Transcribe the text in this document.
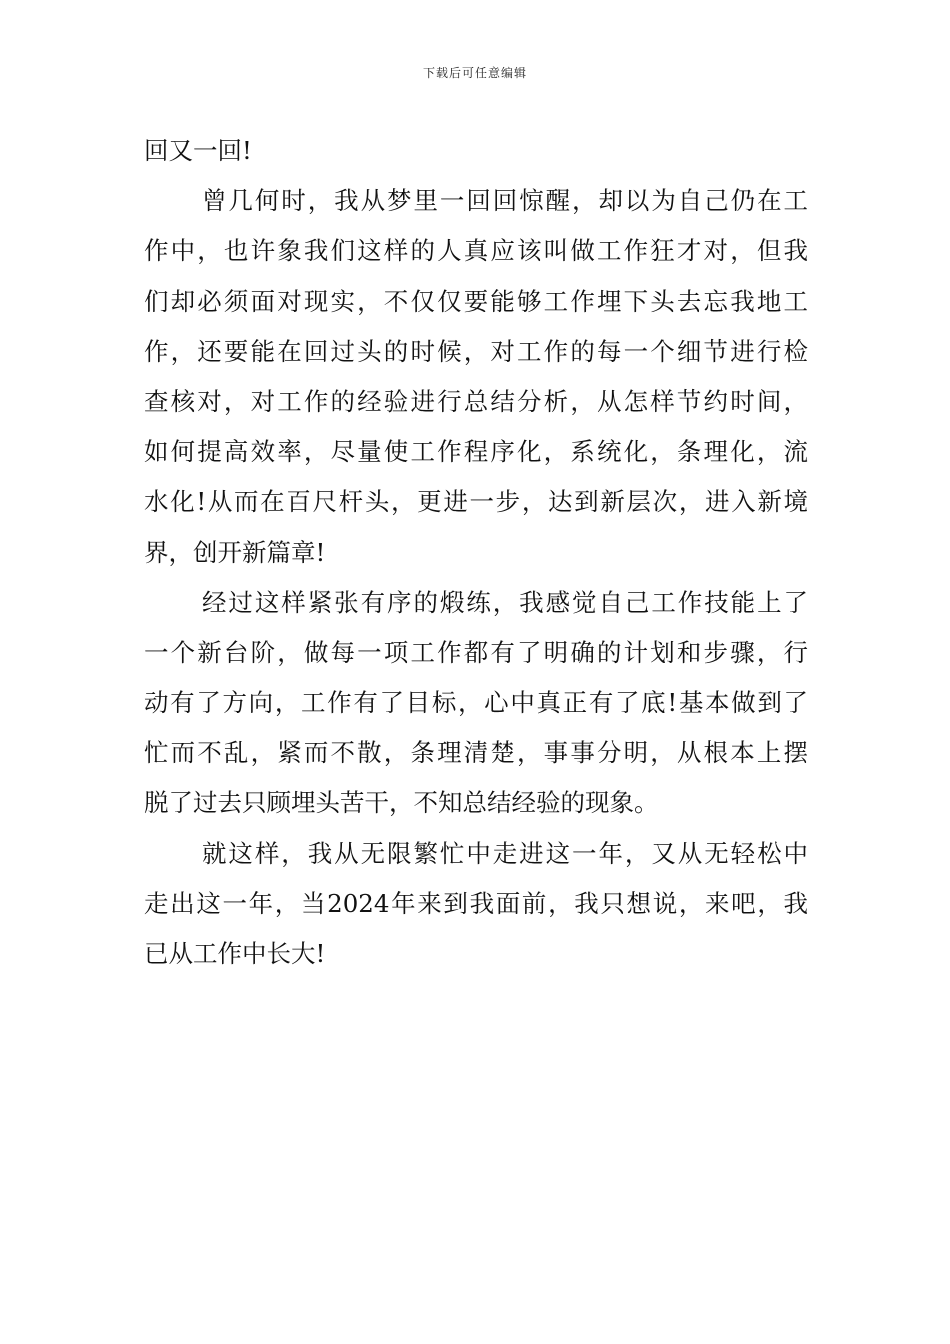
下载后可任意编辑
回又一回!
曾几何时，我从梦里一回回惊醒，却以为自己仍在工
作中，也许象我们这样的人真应该叫做工作狂才对，但我
们却必须面对现实，不仅仅要能够工作埋下头去忘我地工
作，还要能在回过头的时候，对工作的每一个细节进行检
查核对，对工作的经验进行总结分析，从怎样节约时间，
如何提高效率，尽量使工作程序化，系统化，条理化，流
水化!从而在百尺杆头，更进一步，达到新层次，进入新境
界，创开新篇章!
经过这样紧张有序的煅练，我感觉自己工作技能上了
一个新台阶，做每一项工作都有了明确的计划和步骤，行
动有了方向，工作有了目标，心中真正有了底!基本做到了
忙而不乱，紧而不散，条理清楚，事事分明，从根本上摆
脱了过去只顾埋头苦干，不知总结经验的现象。
就这样，我从无限繁忙中走进这一年，又从无轻松中
走出这一年，当2024年来到我面前，我只想说，来吧，我
已从工作中长大!
